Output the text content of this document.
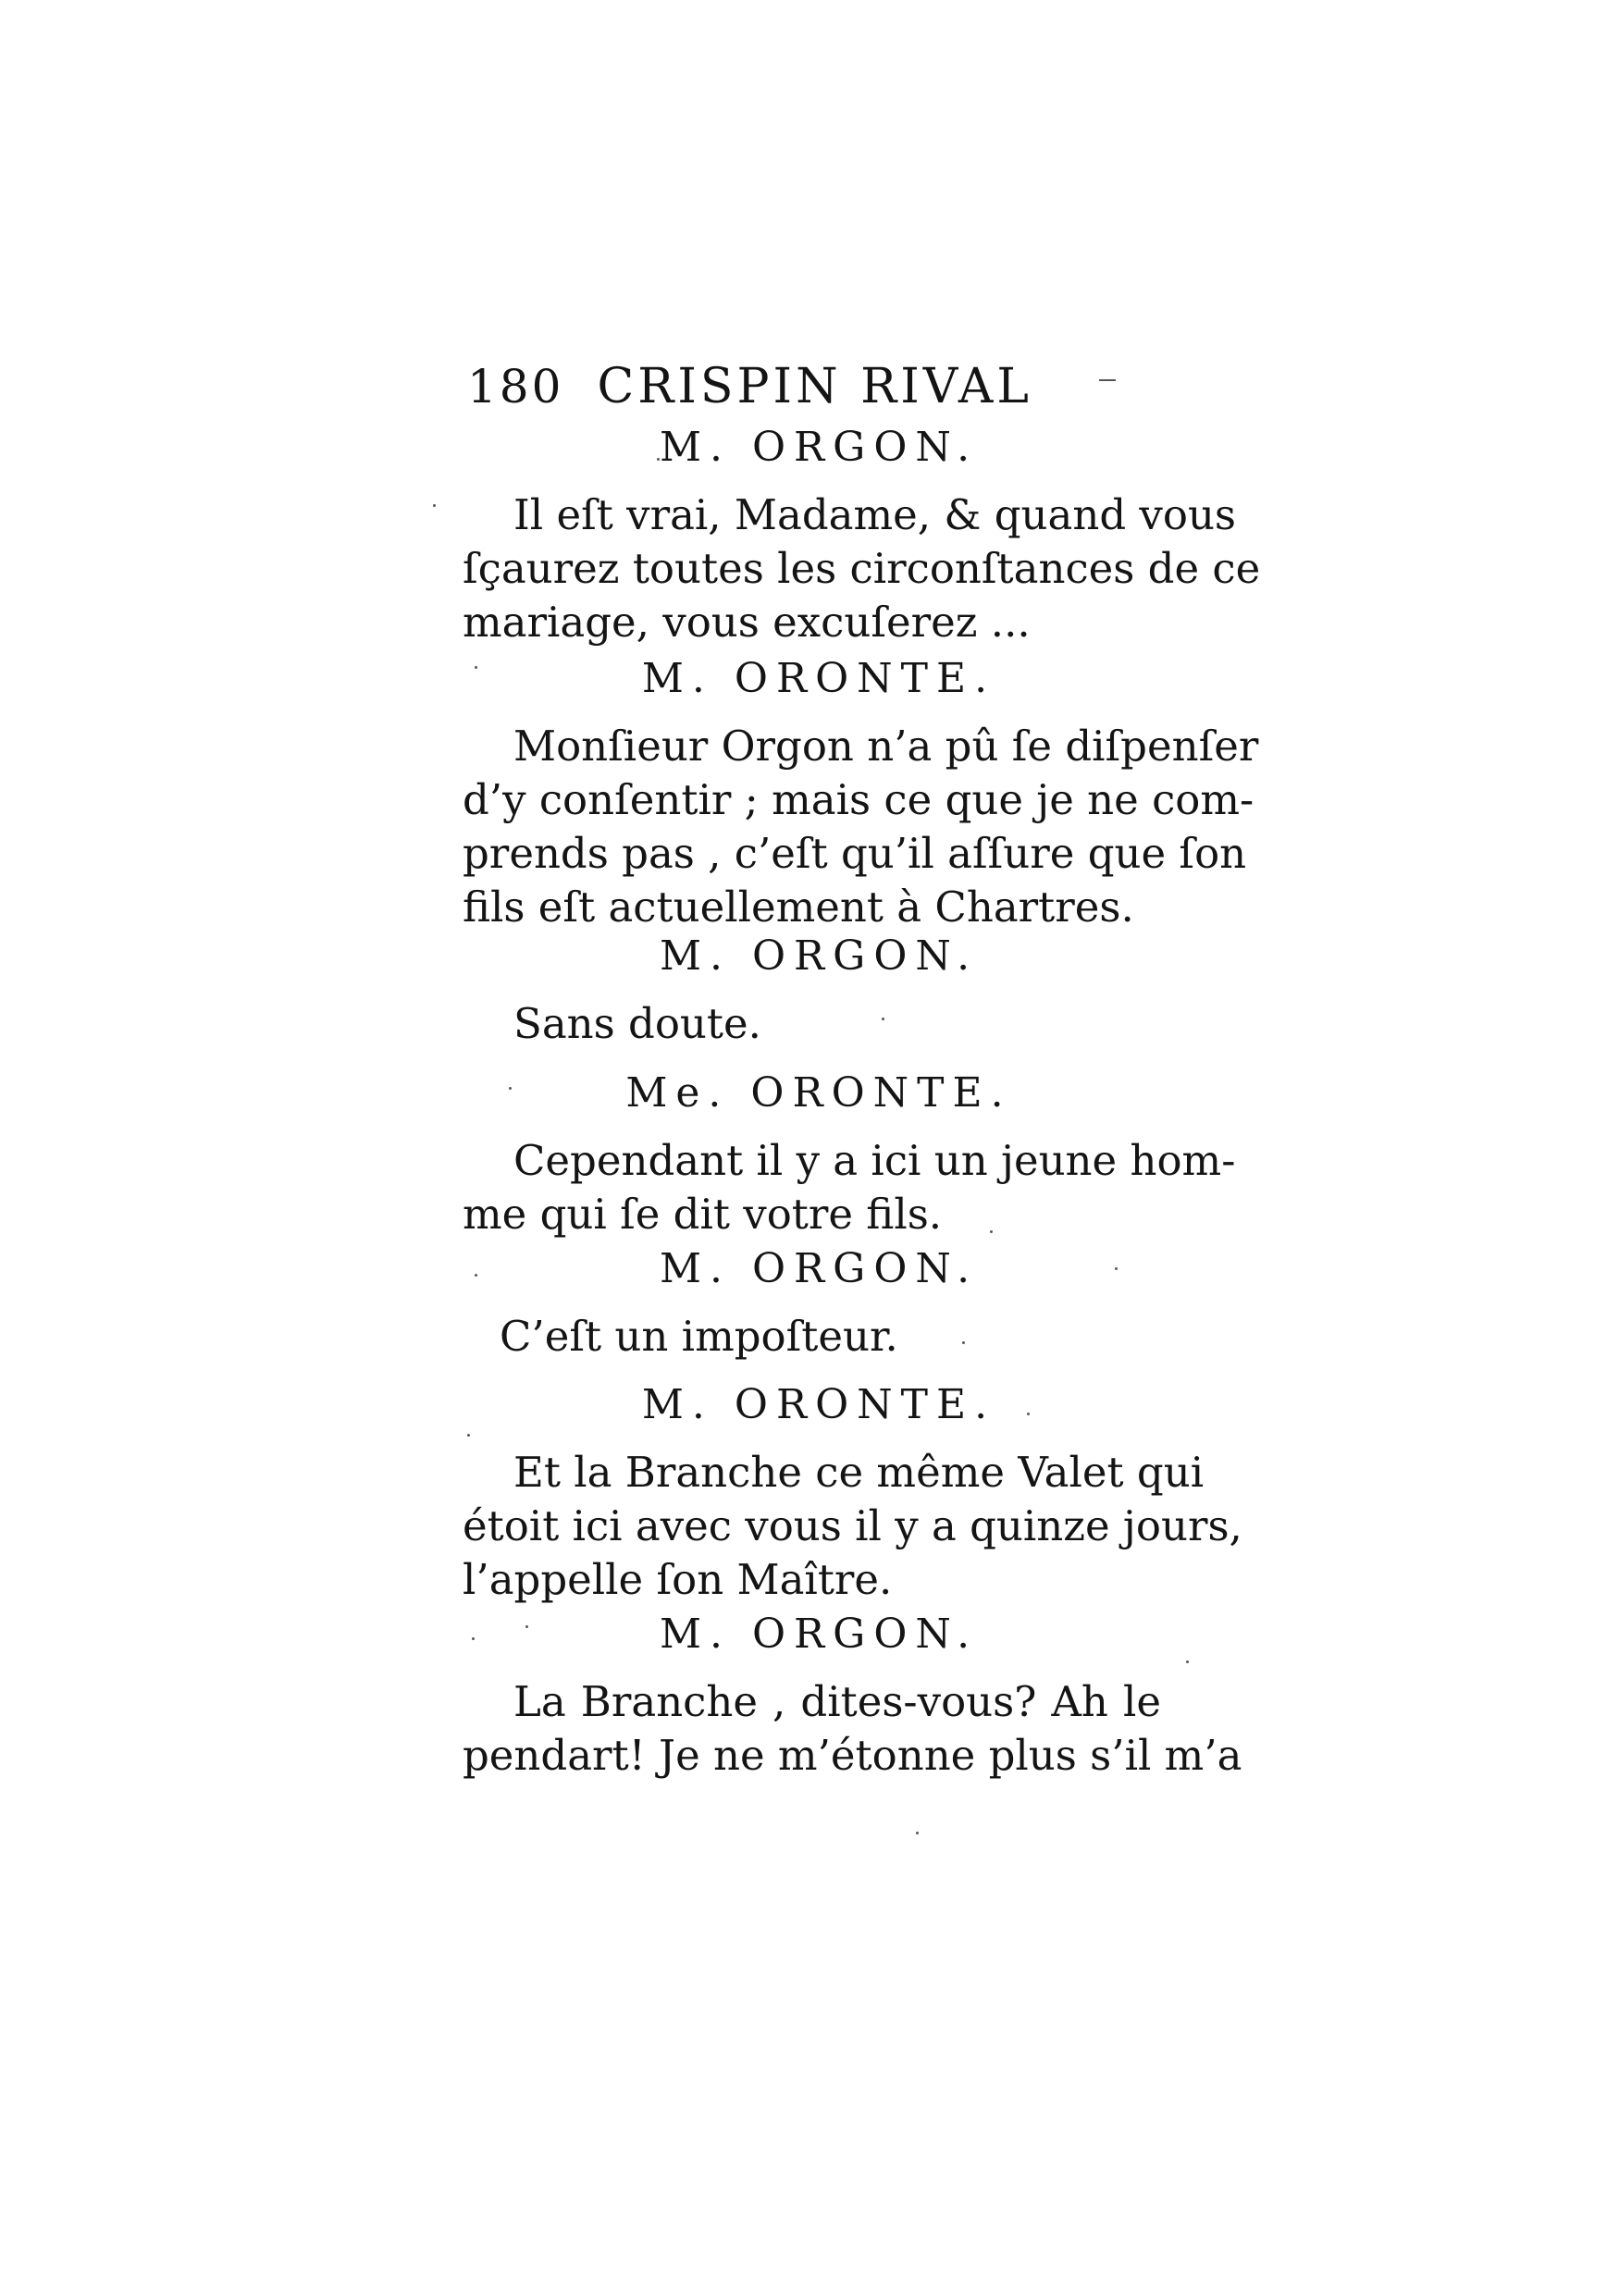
180 CRISPIN RIVAL
M. ORGON.
Il eſt vrai, Madame, & quand vous
ſçaurez toutes les circonſtances de ce
mariage, vous excuſerez ...
M. ORONTE.
Monſieur Orgon n’a pû ſe diſpenſer
d’y conſentir ; mais ce que je ne com-
prends pas , c’eſt qu’il aſſure que ſon
fils eſt actuellement à Chartres.
M. ORGON.
Sans doute.
Me. ORONTE.
Cependant il y a ici un jeune hom-
me qui ſe dit votre fils.
M. ORGON.
C’eſt un impoſteur.
M. ORONTE.
Et la Branche ce même Valet qui
étoit ici avec vous il y a quinze jours,
l’appelle ſon Maître.
M. ORGON.
La Branche , dites-vous? Ah le
pendart! Je ne m’étonne plus s’il m’a
